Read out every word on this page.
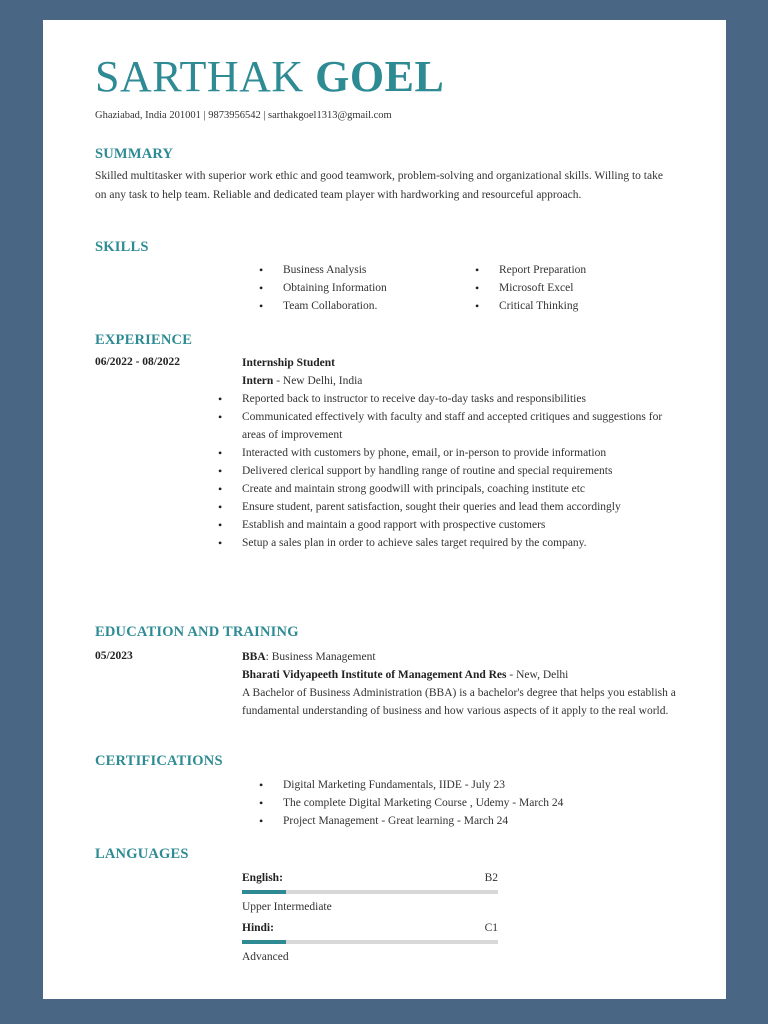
SARTHAK GOEL
Ghaziabad, India 201001 | 9873956542 | sarthakgoel1313@gmail.com
SUMMARY
Skilled multitasker with superior work ethic and good teamwork, problem-solving and organizational skills. Willing to take on any task to help team. Reliable and dedicated team player with hardworking and resourceful approach.
SKILLS
• Business Analysis
• Obtaining Information
• Team Collaboration.
• Report Preparation
• Microsoft Excel
• Critical Thinking
EXPERIENCE
06/2022 - 08/2022	Internship Student
Intern - New Delhi, India
• Reported back to instructor to receive day-to-day tasks and responsibilities
• Communicated effectively with faculty and staff and accepted critiques and suggestions for areas of improvement
• Interacted with customers by phone, email, or in-person to provide information
• Delivered clerical support by handling range of routine and special requirements
• Create and maintain strong goodwill with principals, coaching institute etc
• Ensure student, parent satisfaction, sought their queries and lead them accordingly
• Establish and maintain a good rapport with prospective customers
• Setup a sales plan in order to achieve sales target required by the company.
EDUCATION AND TRAINING
05/2023	BBA: Business Management
Bharati Vidyapeeth Institute of Management And Res - New, Delhi
A Bachelor of Business Administration (BBA) is a bachelor's degree that helps you establish a fundamental understanding of business and how various aspects of it apply to the real world.
CERTIFICATIONS
• Digital Marketing Fundamentals, IIDE - July 23
• The complete Digital Marketing Course , Udemy - March 24
• Project Management - Great learning - March 24
LANGUAGES
English:	B2
Upper Intermediate
Hindi:	C1
Advanced
